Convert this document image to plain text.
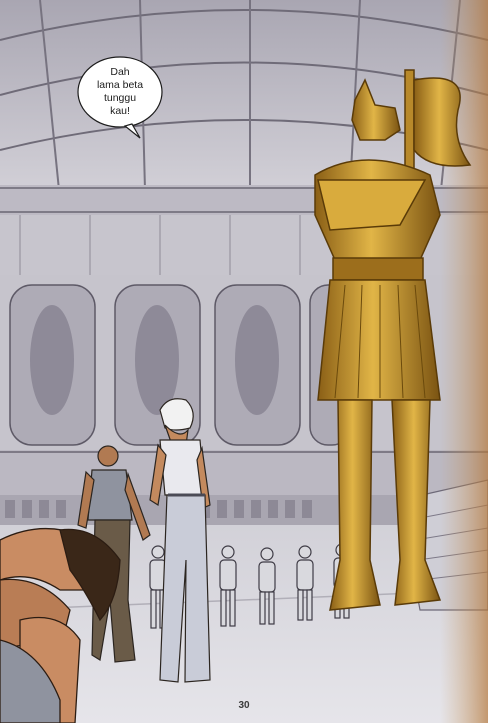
Dah
lama beta
tunggu
kau!
30
